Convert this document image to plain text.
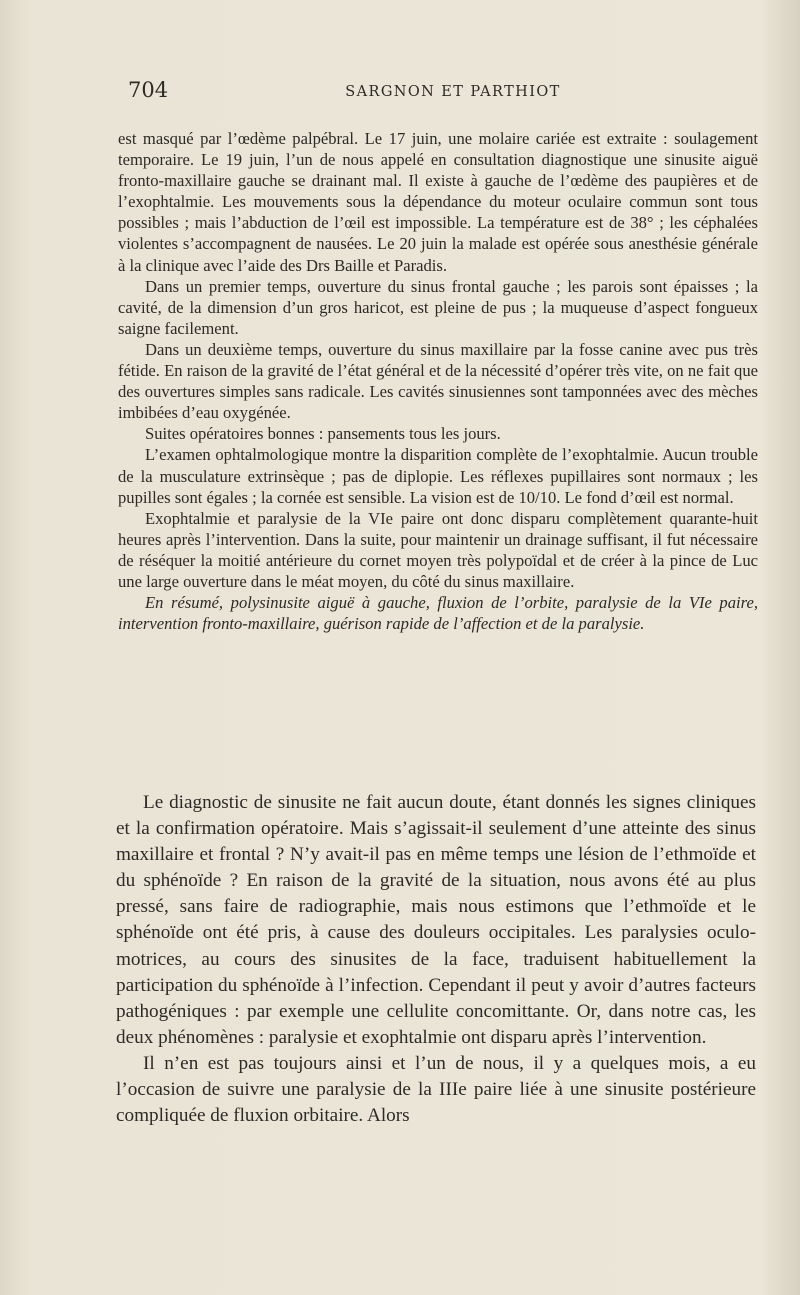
704	SARGNON ET PARTHIOT

est masqué par l’œdème palpébral. Le 17 juin, une molaire cariée est extraite : soulagement temporaire. Le 19 juin, l’un de nous appelé en consultation diagnostique une sinusite aiguë fronto-maxillaire gauche se drainant mal. Il existe à gauche de l’œdème des paupières et de l’exophtalmie. Les mouvements sous la dépendance du moteur oculaire commun sont tous possibles ; mais l’abduction de l’œil est impossible. La température est de 38° ; les céphalées violentes s’accompagnent de nausées. Le 20 juin la malade est opérée sous anesthésie générale à la clinique avec l’aide des Drs Baille et Paradis.

Dans un premier temps, ouverture du sinus frontal gauche ; les parois sont épaisses ; la cavité, de la dimension d’un gros haricot, est pleine de pus ; la muqueuse d’aspect fongueux saigne facilement.

Dans un deuxième temps, ouverture du sinus maxillaire par la fosse canine avec pus très fétide. En raison de la gravité de l’état général et de la nécessité d’opérer très vite, on ne fait que des ouvertures simples sans radicale. Les cavités sinusiennes sont tamponnées avec des mèches imbibées d’eau oxygénée.

Suites opératoires bonnes : pansements tous les jours.

L’examen ophtalmologique montre la disparition complète de l’exophtalmie. Aucun trouble de la musculature extrinsèque ; pas de diplopie. Les réflexes pupillaires sont normaux ; les pupilles sont égales ; la cornée est sensible. La vision est de 10/10. Le fond d’œil est normal.

Exophtalmie et paralysie de la VIe paire ont donc disparu complètement quarante-huit heures après l’intervention. Dans la suite, pour maintenir un drainage suffisant, il fut nécessaire de réséquer la moitié antérieure du cornet moyen très polypoïdal et de créer à la pince de Luc une large ouverture dans le méat moyen, du côté du sinus maxillaire.

En résumé, polysinusite aiguë à gauche, fluxion de l’orbite, paralysie de la VIe paire, intervention fronto-maxillaire, guérison rapide de l’affection et de la paralysie.

Le diagnostic de sinusite ne fait aucun doute, étant donnés les signes cliniques et la confirmation opératoire. Mais s’agissait-il seulement d’une atteinte des sinus maxillaire et frontal ? N’y avait-il pas en même temps une lésion de l’ethmoïde et du sphénoïde ? En raison de la gravité de la situation, nous avons été au plus pressé, sans faire de radiographie, mais nous estimons que l’ethmoïde et le sphénoïde ont été pris, à cause des douleurs occipitales. Les paralysies oculo-motrices, au cours des sinusites de la face, traduisent habituellement la participation du sphénoïde à l’infection. Cependant il peut y avoir d’autres facteurs pathogéniques : par exemple une cellulite concomittante. Or, dans notre cas, les deux phénomènes : paralysie et exophtalmie ont disparu après l’intervention.

Il n’en est pas toujours ainsi et l’un de nous, il y a quelques mois, a eu l’occasion de suivre une paralysie de la IIIe paire liée à une sinusite postérieure compliquée de fluxion orbitaire. Alors
